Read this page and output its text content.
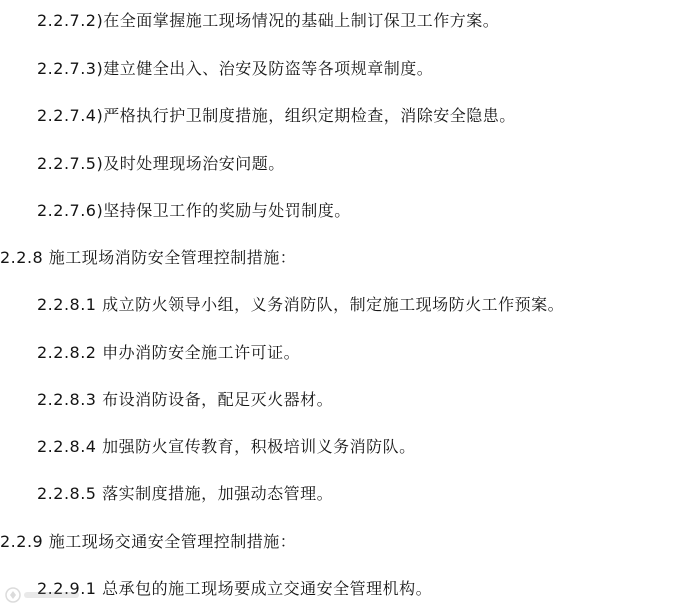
2.2.7.2)在全面掌握施工现场情况的基础上制订保卫工作方案。
2.2.7.3)建立健全出入、治安及防盗等各项规章制度。
2.2.7.4)严格执行护卫制度措施，组织定期检查，消除安全隐患。
2.2.7.5)及时处理现场治安问题。
2.2.7.6)坚持保卫工作的奖励与处罚制度。
2.2.8 施工现场消防安全管理控制措施：
2.2.8.1 成立防火领导小组，义务消防队，制定施工现场防火工作预案。
2.2.8.2 申办消防安全施工许可证。
2.2.8.3 布设消防设备，配足灭火器材。
2.2.8.4 加强防火宣传教育，积极培训义务消防队。
2.2.8.5 落实制度措施，加强动态管理。
2.2.9 施工现场交通安全管理控制措施：
2.2.9.1 总承包的施工现场要成立交通安全管理机构。
